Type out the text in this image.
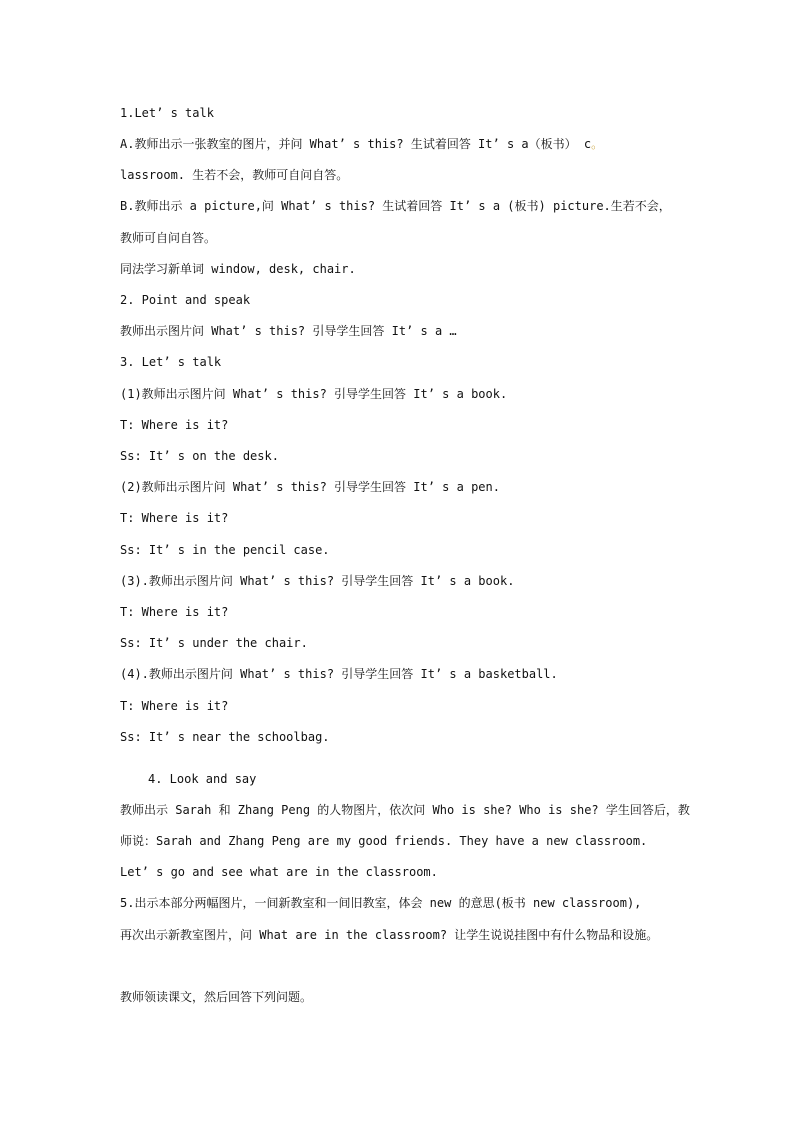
1.Let’ s talk
A.教师出示一张教室的图片，并问 What’ s this? 生试着回答 It’ s a（板书） c。
lassroom. 生若不会，教师可自问自答。
B.教师出示 a picture,问 What’ s this? 生试着回答 It’ s a (板书) picture.生若不会，
教师可自问自答。
同法学习新单词 window, desk, chair.
2. Point and speak
教师出示图片问 What’ s this? 引导学生回答 It’ s a …
3. Let’ s talk
(1)教师出示图片问 What’ s this? 引导学生回答 It’ s a book.
T: Where is it?
Ss: It’ s on the desk.
(2)教师出示图片问 What’ s this? 引导学生回答 It’ s a pen.
T: Where is it?
Ss: It’ s in the pencil case.
(3).教师出示图片问 What’ s this? 引导学生回答 It’ s a book.
T: Where is it?
Ss: It’ s under the chair.
(4).教师出示图片问 What’ s this? 引导学生回答 It’ s a basketball.
T: Where is it?
Ss: It’ s near the schoolbag.
4. Look and say
教师出示 Sarah 和 Zhang Peng 的人物图片，依次问 Who is she? Who is she? 学生回答后，教
师说：Sarah and Zhang Peng are my good friends. They have a new classroom.
Let’ s go and see what are in the classroom.
5.出示本部分两幅图片，一间新教室和一间旧教室，体会 new 的意思(板书 new classroom),
再次出示新教室图片，问 What are in the classroom? 让学生说说挂图中有什么物品和设施。
教师领读课文，然后回答下列问题。
